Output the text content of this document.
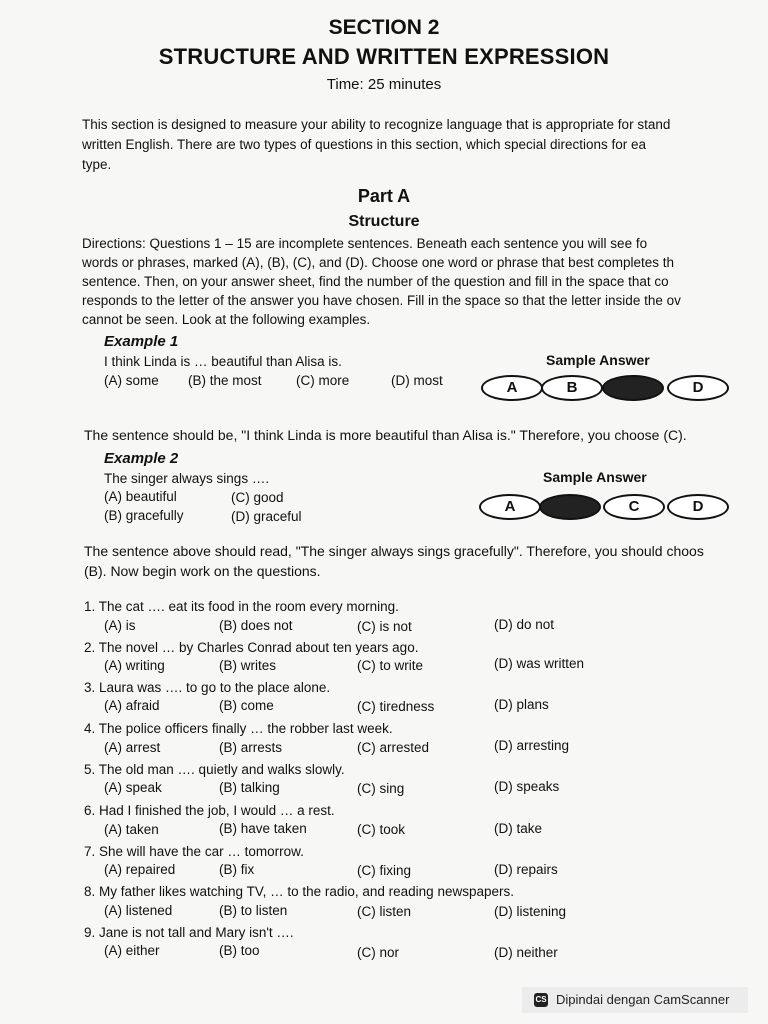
SECTION 2
STRUCTURE AND WRITTEN EXPRESSION
Time: 25 minutes
This section is designed to measure your ability to recognize language that is appropriate for stand
written English. There are two types of questions in this section, which special directions for ea
type.
Part A
Structure
Directions: Questions 1 – 15 are incomplete sentences. Beneath each sentence you will see fo
words or phrases, marked (A), (B), (C), and (D). Choose one word or phrase that best completes th
sentence. Then, on your answer sheet, find the number of the question and fill in the space that co
responds to the letter of the answer you have chosen. Fill in the space so that the letter inside the ov
cannot be seen. Look at the following examples.
Example 1
I think Linda is … beautiful than Alisa is.
(A) some (B) the most	(C) more	(D) most
Sample Answer
A	B	C	D
The sentence should be, "I think Linda is more beautiful than Alisa is." Therefore, you choose (C).
Example 2
The singer always sings ….
(A) beautiful	(C) good
(B) gracefully	(D) graceful
Sample Answer
A	B	C	D
The sentence above should read, "The singer always sings gracefully". Therefore, you should choos
(B). Now begin work on the questions.
1. The cat …. eat its food in the room every morning.
(A) is	(B) does not	(C) is not	(D) do not
2. The novel … by Charles Conrad about ten years ago.
(A) writing	(B) writes	(C) to write	(D) was written
3. Laura was …. to go to the place alone.
(A) afraid	(B) come	(C) tiredness	(D) plans
4. The police officers finally … the robber last week.
(A) arrest	(B) arrests	(C) arrested	(D) arresting
5. The old man …. quietly and walks slowly.
(A) speak	(B) talking	(C) sing	(D) speaks
6. Had I finished the job, I would … a rest.
(A) taken	(B) have taken	(C) took	(D) take
7. She will have the car … tomorrow.
(A) repaired	(B) fix	(C) fixing	(D) repairs
8. My father likes watching TV, … to the radio, and reading newspapers.
(A) listened	(B) to listen	(C) listen	(D) listening
9. Jane is not tall and Mary isn't ….
(A) either	(B) too	(C) nor	(D) neither
CS Dipindai dengan CamScanner
